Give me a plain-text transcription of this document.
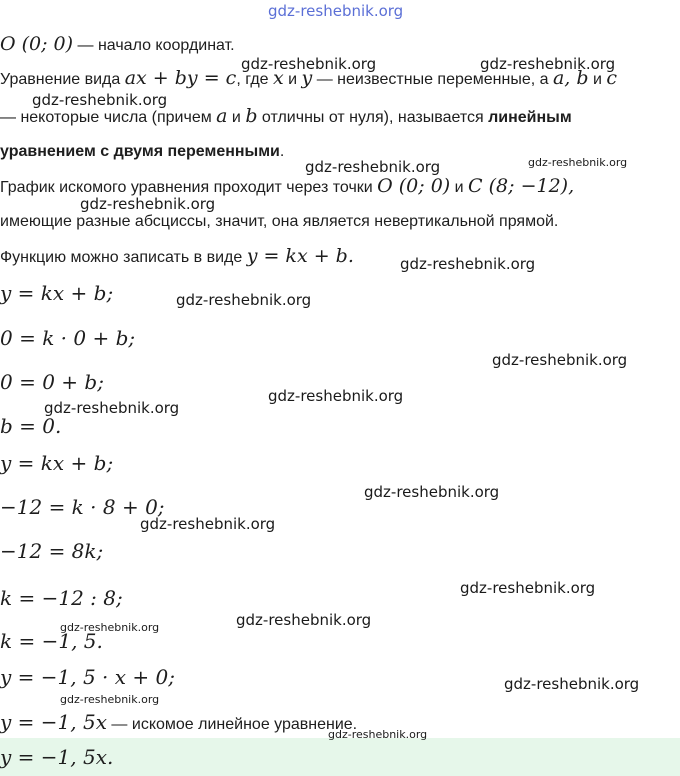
gdz-reshebnik.org
O (0; 0) — начало координат.
Уравнение вида ax + by = c, где x и y — неизвестные переменные, а a, b и c
— некоторые числа (причем a и b отличны от нуля), называется линейным
уравнением с двумя переменными.
График искомого уравнения проходит через точки O (0; 0) и C (8; −12),
имеющие разные абсциссы, значит, она является невертикальной прямой.
Функцию можно записать в виде y = kx + b.
y = kx + b;
0 = k · 0 + b;
0 = 0 + b;
b = 0.
y = kx + b;
−12 = k · 8 + 0;
−12 = 8k;
k = −12 : 8;
k = −1, 5.
y = −1, 5 · x + 0;
y = −1, 5x — искомое линейное уравнение.
y = −1, 5x.
gdz-reshebnik.org	gdz-reshebnik.org
gdz-reshebnik.org
gdz-reshebnik.org	gdz-reshebnik.org
gdz-reshebnik.org
gdz-reshebnik.org
gdz-reshebnik.org
gdz-reshebnik.org
gdz-reshebnik.org
gdz-reshebnik.org
gdz-reshebnik.org
gdz-reshebnik.org
gdz-reshebnik.org
gdz-reshebnik.org
gdz-reshebnik.org
gdz-reshebnik.org
gdz-reshebnik.org
gdz-reshebnik.org
